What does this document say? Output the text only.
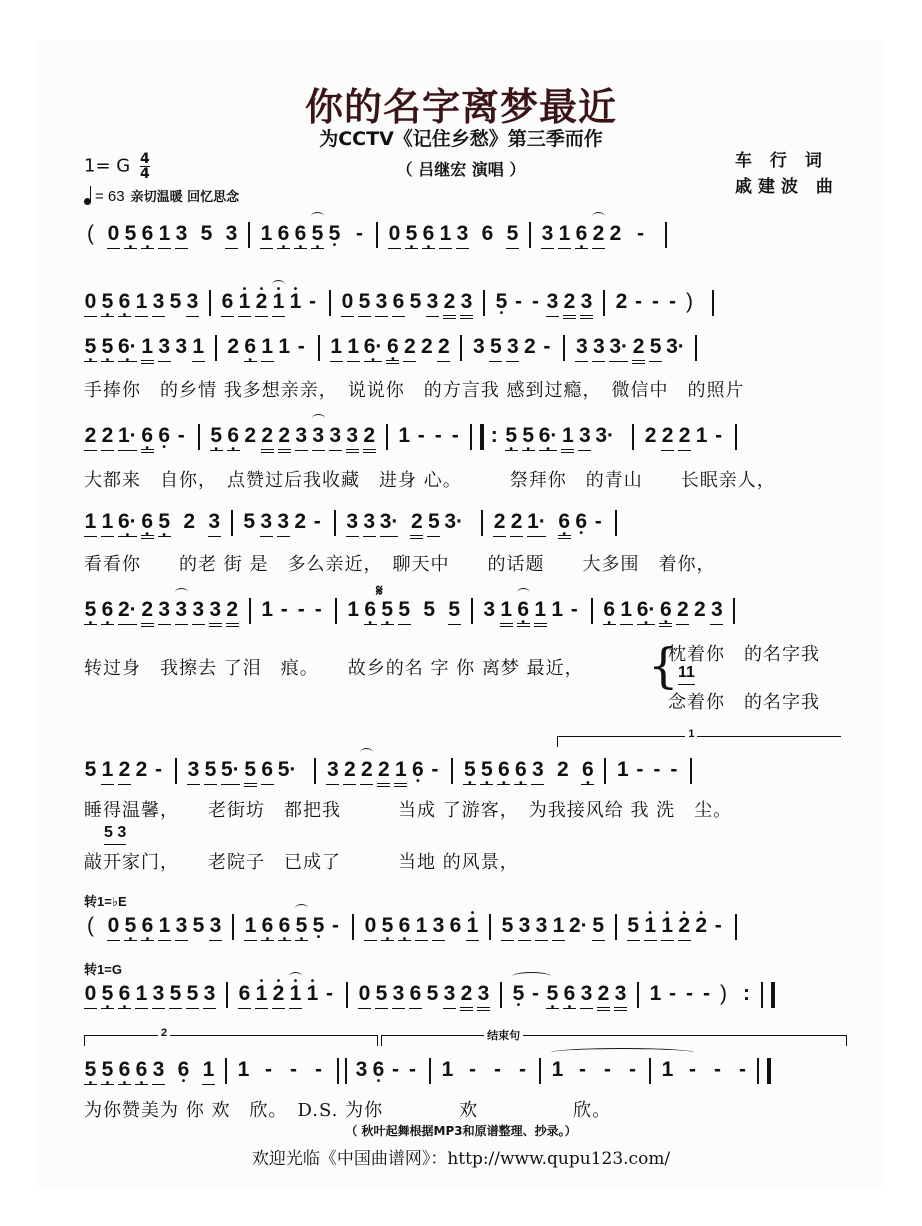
你的名字离梦最近
为CCTV《记住乡愁》第三季而作
（ 吕继宏 演唱 ）	车 行 词
戚建波 曲
1= G $\frac{4}{4}$
= 63 亲切温暖 回忆思念
( 0 5 • 6 • 1 3 5 3 1 6 • 6 • 5
• 5 • - 0 5 • 6 • 1 3 6 5 3 1 6 • 2 2 -
0 5 • 6 • 1 3 5 3 6 • 1 • 2 • 1 • 1 - 0 5 3 6 5 3 2 3 5 • - - 3 2 3 2 - - - )
5 • 5 • 6· • 1 3 3 1 2 6 • 1 1 - 1 1 6· • 6 • 2 2 2 3 5 3 2 - 3 3 3· 2 5 3·
手捧你　的乡情 我多想亲亲，　说说你　的方言我 感到过瘾，　微信中　的照片
2 2 1· 6 • 6 • - 5 • 6 • 2 2 2 3 3 3 3 2 1 - - - : 5 • 5 • 6· • 1 3 3· 2 2 2 1 -
大都来　自你，　点赞过后我收藏　进身 心。　　　祭拜你　的青山　　长眠亲人，
1 1 6· • 6 • 5 • 2 3 5 3 3 2 - 3 3 3· 2 5 3· 2 2 1· 6 • 6 • -
看看你　　的老 街 是　多么亲近，　聊天中　　的话题　　大多围　着你，
𝄋
5 • 6 • 2· 2 3 3 3 3 2 1 - - - 1 6 • 5 • 5 5 5 3 1 6
• 1 1 - 6 • 1 6· • 6 • 2 2 3
转过身　我擦去 了泪　痕。　　故乡的名 字 你 离梦 最近， {
枕着你　的名字我
11
念着你　的名字我
1
5 1 2 2 - 3 5 5· 5 6 5· 3 2 2 2 1 6 • - 5 • 5 • 6 • 6 • 3 2 6 • 1 - - -
睡得温馨，　　老街坊　都把我　　　当成 了游客，　为我接风给 我 洗　尘。
5 3
敲开家门，　　老院子　已成了　　　当地 的风景，
转1=♭E
( 0 5 • 6 • 1 3 5 3 1 6 • 6 • 5
• 5 • - 0 5 • 6 • 1 3 6 • 1 5 3 3 1 2· 5 5 • 1 • 1 • 2 • 2 -
转1=G
0 5 • 6 • 1 3 5 5 3 6 • 1 • 2 • 1 • 1 - 0 5 3 6 5 3 2 3 5
• - 5 • 6 • 3 2 3 1 - - - ) :
2	结束句
5 • 5 • 6 • 6 • 3 6 • 1 1 - - - 3 6 • - - 1 - - - 1 - - - 1 - - -
为你赞美为 你 欢　欣。　D.S. 为你　　　　欢　　　　　欣。
（ 秋叶起舞根据MP3和原谱整理、抄录。）
欢迎光临《中国曲谱网》：http://www.qupu123.com/
